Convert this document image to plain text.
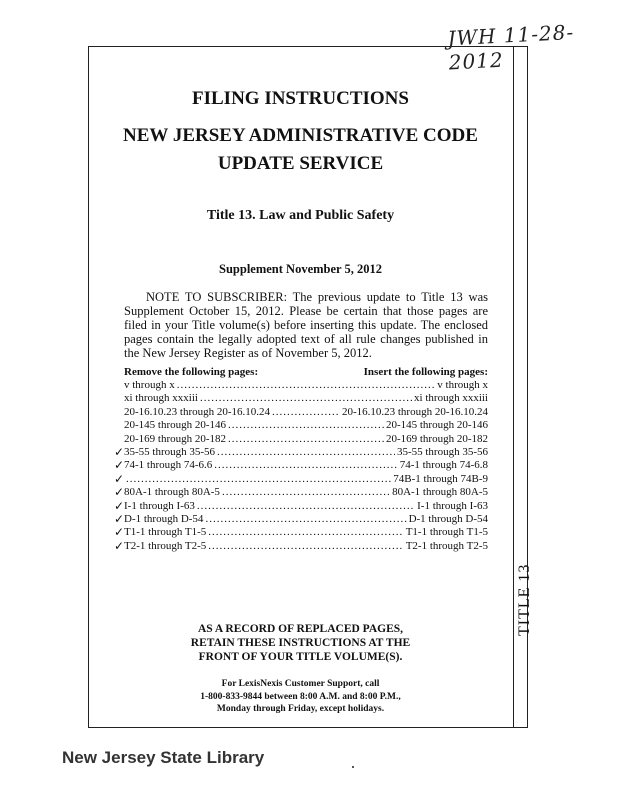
JWH 11-28-2012
TITLE 13
FILING INSTRUCTIONS
NEW JERSEY ADMINISTRATIVE CODE
UPDATE SERVICE
Title 13. Law and Public Safety
Supplement November 5, 2012
NOTE TO SUBSCRIBER: The previous update to Title 13 was Supplement October 15, 2012. Please be certain that those pages are filed in your Title volume(s) before inserting this update. The enclosed pages contain the legally adopted text of all rule changes published in the New Jersey Register as of November 5, 2012.
Remove the following pages:	Insert the following pages:
v through x .....	v through x
xi through xxxiii .....	xi through xxxiii
20-16.10.23 through 20-16.10.24 .....	20-16.10.23 through 20-16.10.24
20-145 through 20-146 .....	20-145 through 20-146
20-169 through 20-182 .....	20-169 through 20-182
✓ 35-55 through 35-56 .....	35-55 through 35-56
✓ 74-1 through 74-6.6 .....	74-1 through 74-6.8
✓ .....	74B-1 through 74B-9
✓ 80A-1 through 80A-5 .....	80A-1 through 80A-5
✓ I-1 through I-63 .....	I-1 through I-63
✓ D-1 through D-54 .....	D-1 through D-54
✓ T1-1 through T1-5 .....	T1-1 through T1-5
✓ T2-1 through T2-5 .....	T2-1 through T2-5
AS A RECORD OF REPLACED PAGES,
RETAIN THESE INSTRUCTIONS AT THE
FRONT OF YOUR TITLE VOLUME(S).
For LexisNexis Customer Support, call
1-800-833-9844 between 8:00 A.M. and 8:00 P.M.,
Monday through Friday, except holidays.
New Jersey State Library
